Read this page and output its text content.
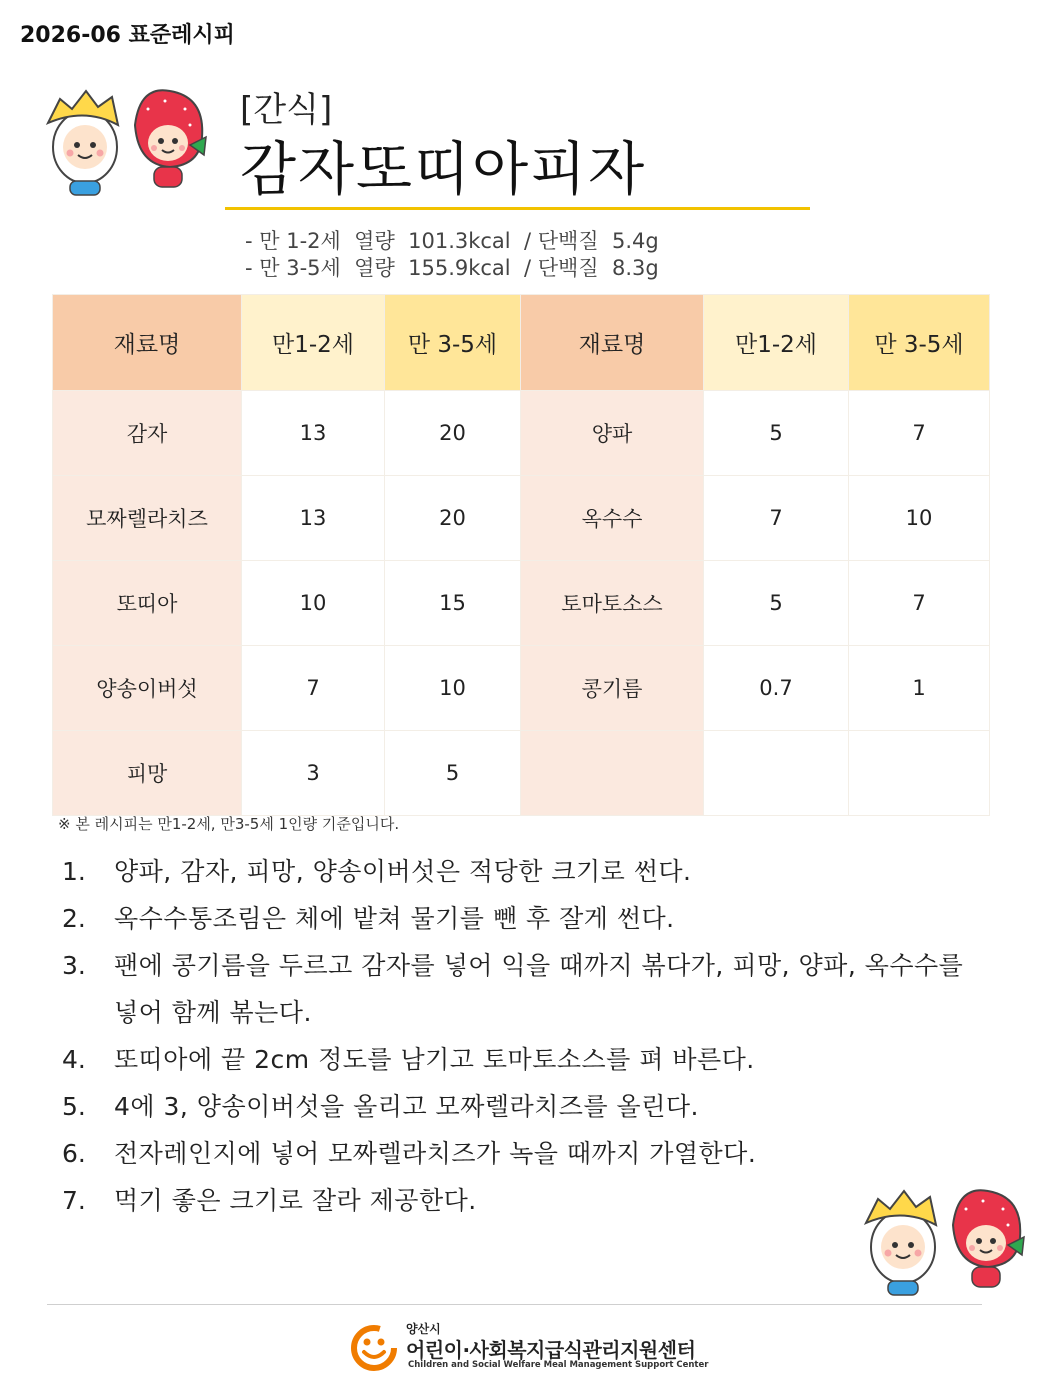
2026-06 표준레시피
[간식]
감자또띠아피자
- 만 1-2세 열량 101.3kcal / 단백질 5.4g
- 만 3-5세 열량 155.9kcal / 단백질 8.3g
재료명	만1-2세	만 3-5세	재료명	만1-2세	만 3-5세
감자	13	20	양파	5	7
모짜렐라치즈	13	20	옥수수	7	10
또띠아	10	15	토마토소스	5	7
양송이버섯	7	10	콩기름	0.7	1
피망	3	5			
※ 본 레시피는 만1-2세, 만3-5세 1인량 기준입니다.
1.	양파, 감자, 피망, 양송이버섯은 적당한 크기로 썬다.
2.	옥수수통조림은 체에 밭쳐 물기를 뺀 후 잘게 썬다.
3.	팬에 콩기름을 두르고 감자를 넣어 익을 때까지 볶다가, 피망, 양파, 옥수수를 넣어 함께 볶는다.
4.	또띠아에 끝 2cm 정도를 남기고 토마토소스를 펴 바른다.
5.	4에 3, 양송이버섯을 올리고 모짜렐라치즈를 올린다.
6.	전자레인지에 넣어 모짜렐라치즈가 녹을 때까지 가열한다.
7.	먹기 좋은 크기로 잘라 제공한다.
양산시
어린이·사회복지급식관리지원센터
Children and Social Welfare Meal Management Support Center
